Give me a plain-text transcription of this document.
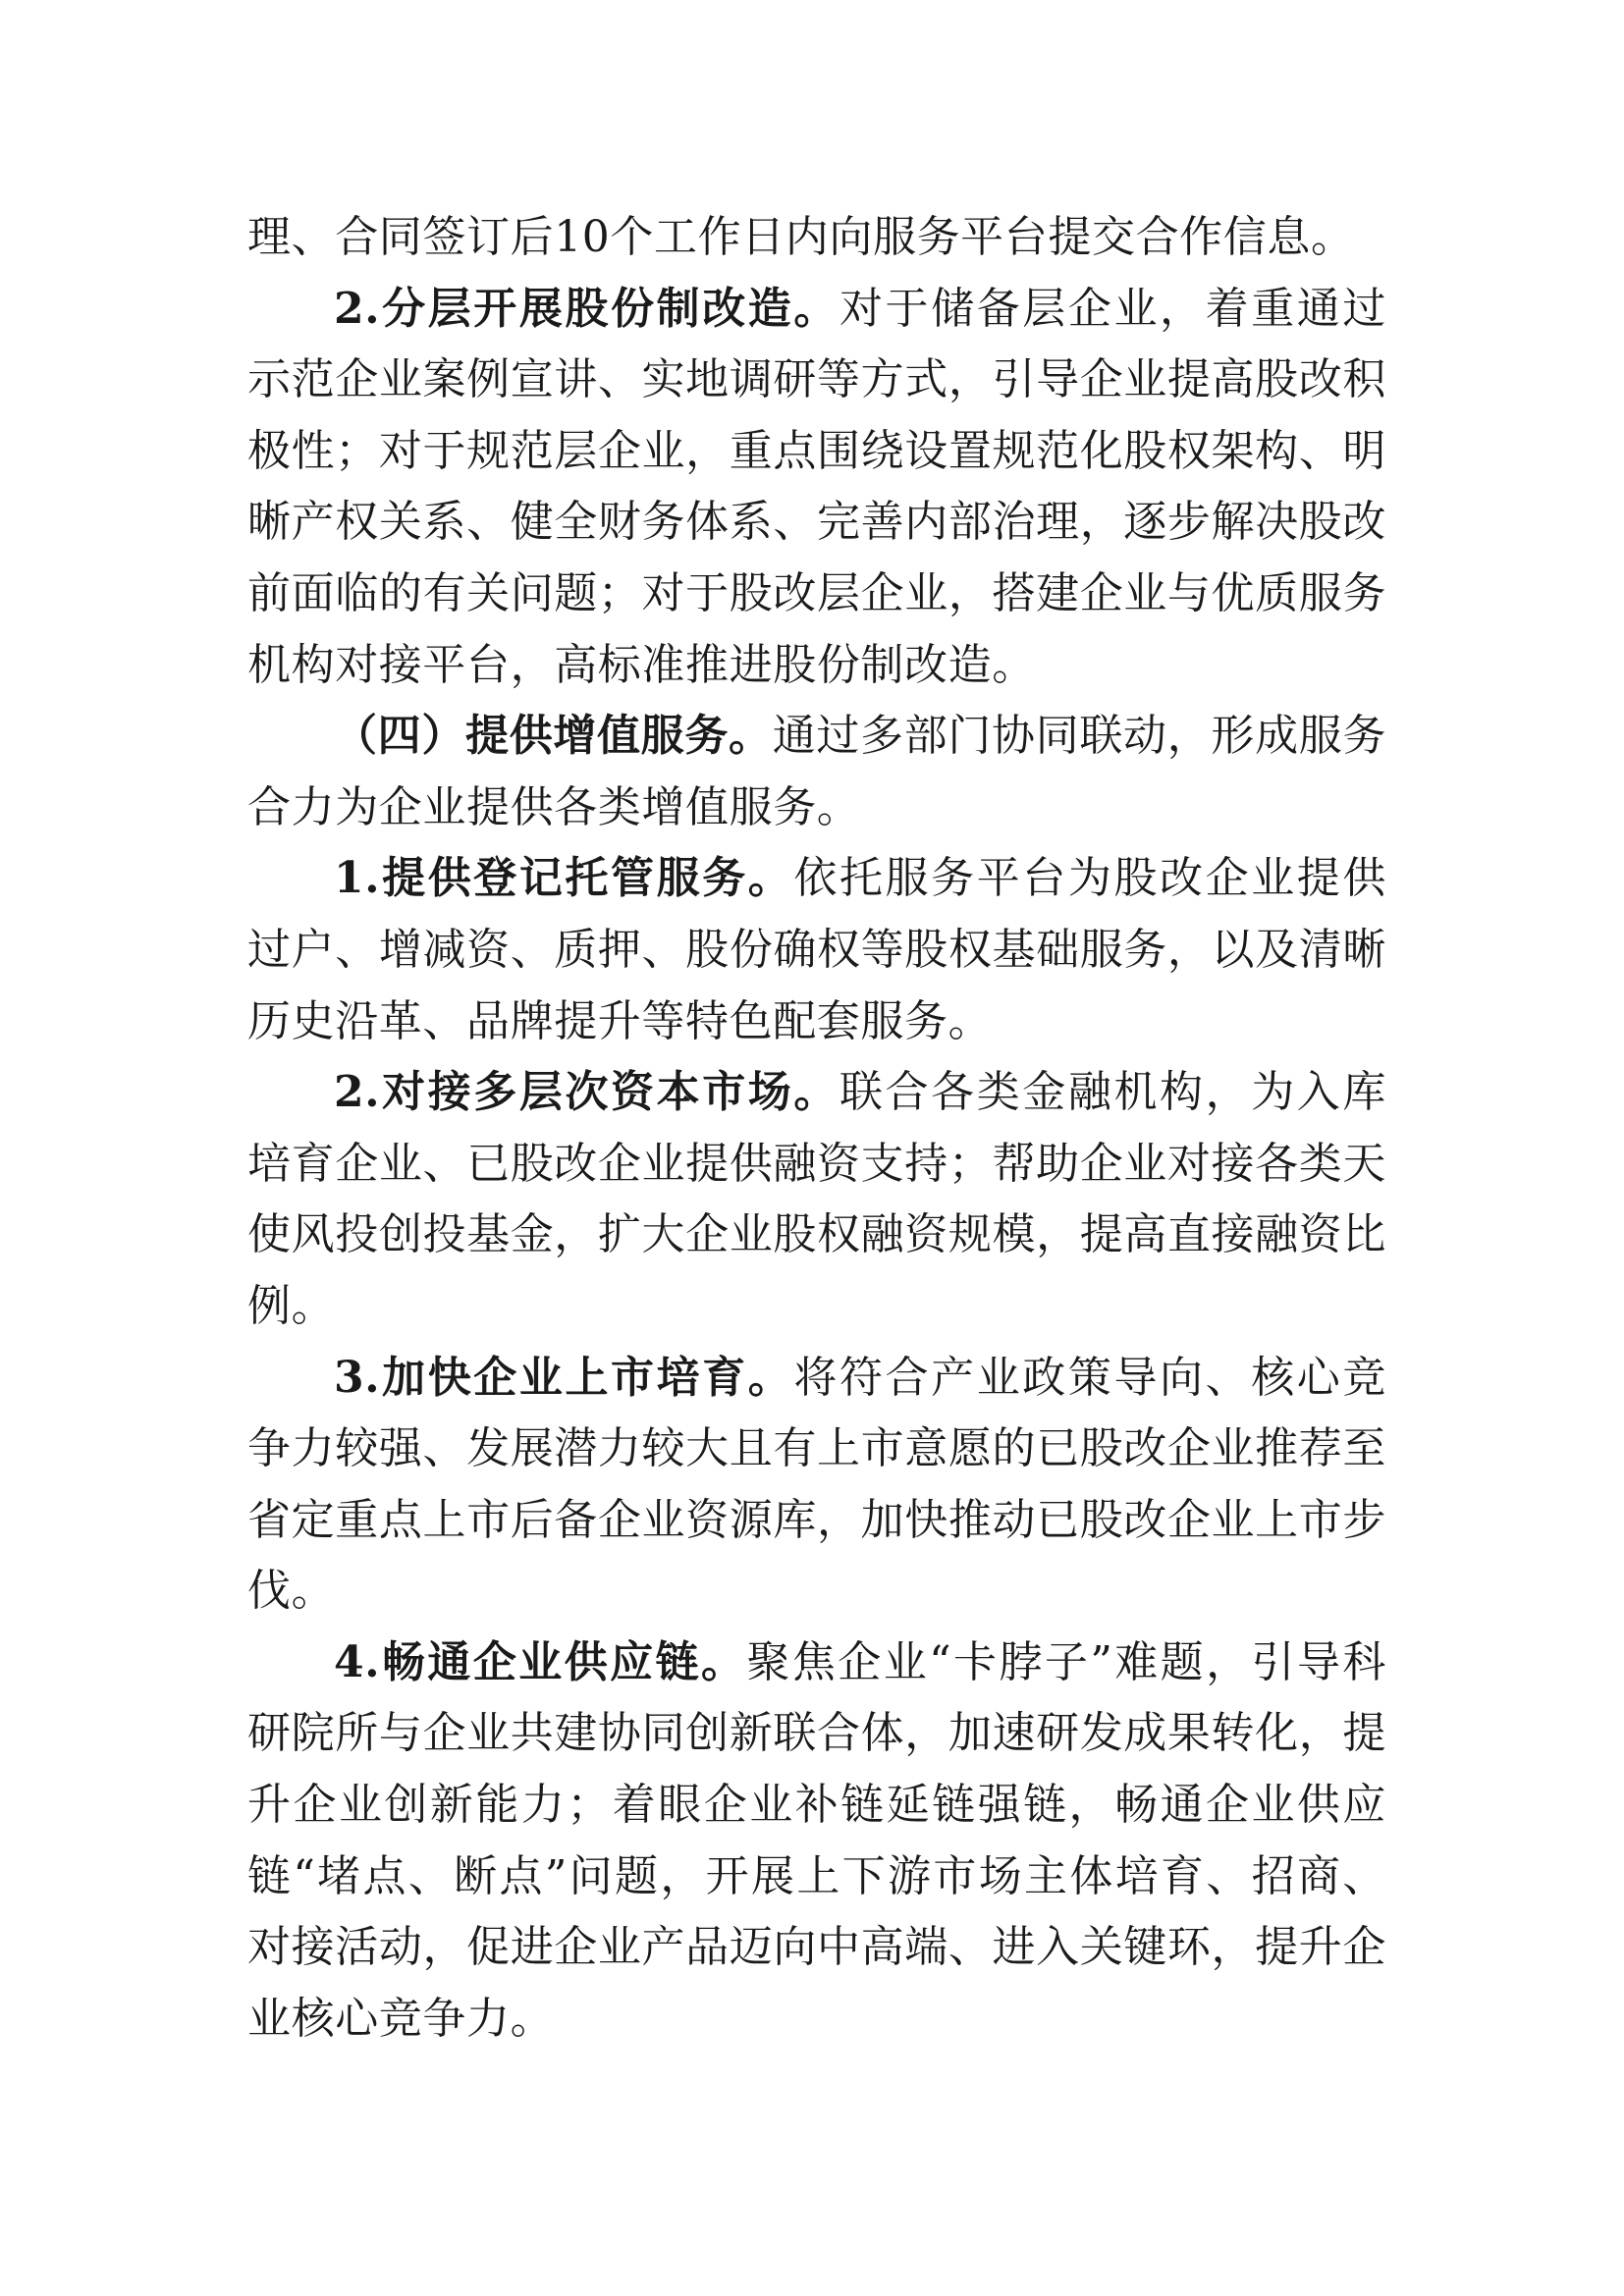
理、合同签订后10个工作日内向服务平台提交合作信息。

2.分层开展股份制改造。对于储备层企业，着重通过示范企业案例宣讲、实地调研等方式，引导企业提高股改积极性；对于规范层企业，重点围绕设置规范化股权架构、明晰产权关系、健全财务体系、完善内部治理，逐步解决股改前面临的有关问题；对于股改层企业，搭建企业与优质服务机构对接平台，高标准推进股份制改造。

（四）提供增值服务。通过多部门协同联动，形成服务合力为企业提供各类增值服务。

1.提供登记托管服务。依托服务平台为股改企业提供过户、增减资、质押、股份确权等股权基础服务，以及清晰历史沿革、品牌提升等特色配套服务。

2.对接多层次资本市场。联合各类金融机构，为入库培育企业、已股改企业提供融资支持；帮助企业对接各类天使风投创投基金，扩大企业股权融资规模，提高直接融资比例。

3.加快企业上市培育。将符合产业政策导向、核心竞争力较强、发展潜力较大且有上市意愿的已股改企业推荐至省定重点上市后备企业资源库，加快推动已股改企业上市步伐。

4.畅通企业供应链。聚焦企业“卡脖子”难题，引导科研院所与企业共建协同创新联合体，加速研发成果转化，提升企业创新能力；着眼企业补链延链强链，畅通企业供应链“堵点、断点”问题，开展上下游市场主体培育、招商、对接活动，促进企业产品迈向中高端、进入关键环，提升企业核心竞争力。
